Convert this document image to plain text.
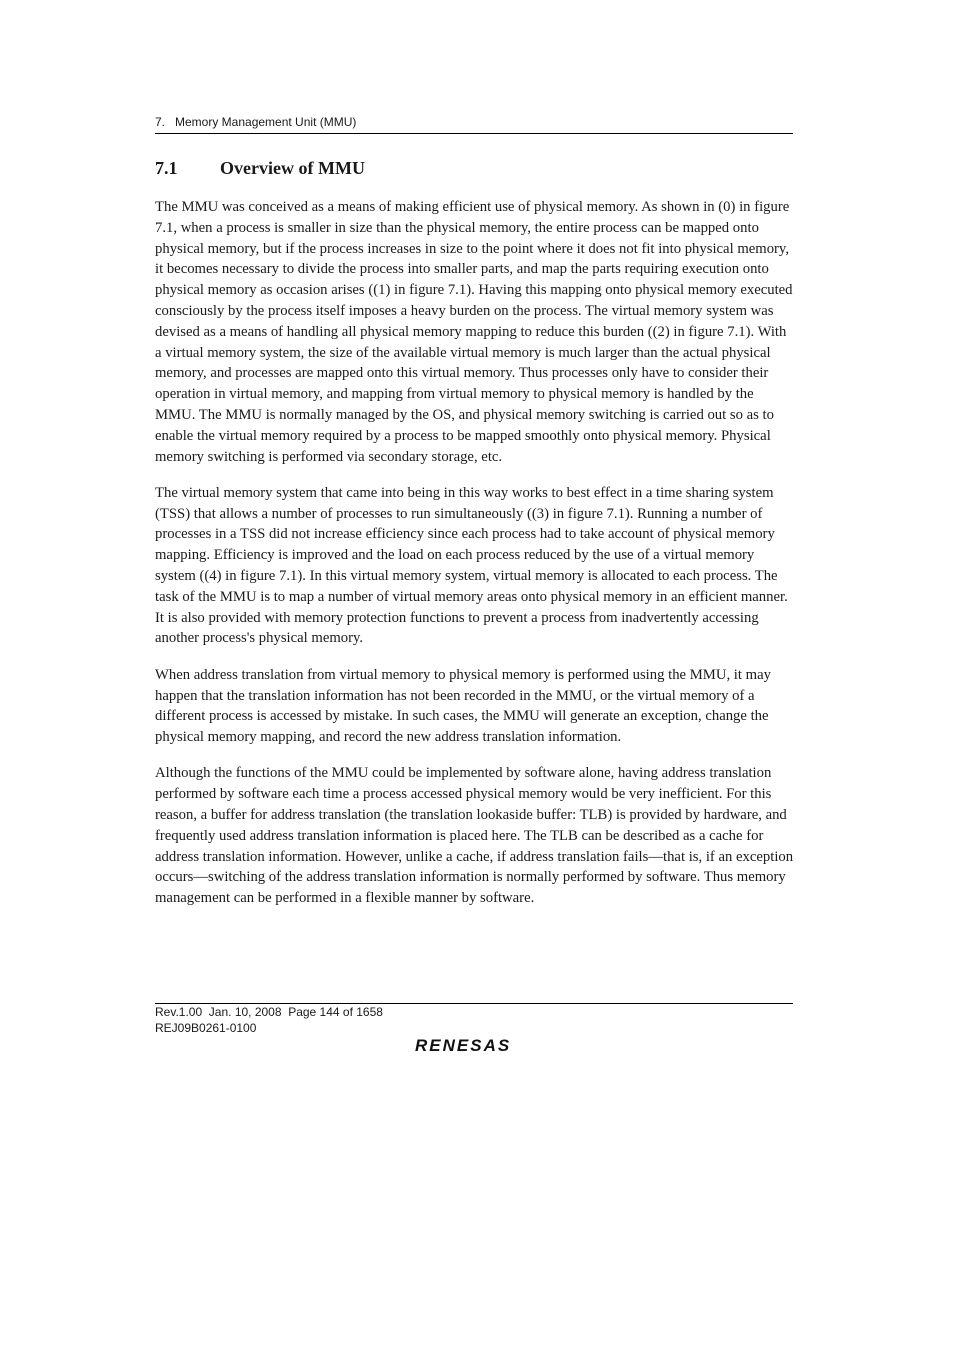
7.   Memory Management Unit (MMU)
7.1 Overview of MMU

The MMU was conceived as a means of making efficient use of physical memory. As shown in (0) in figure 7.1, when a process is smaller in size than the physical memory, the entire process can be mapped onto physical memory, but if the process increases in size to the point where it does not fit into physical memory, it becomes necessary to divide the process into smaller parts, and map the parts requiring execution onto physical memory as occasion arises ((1) in figure 7.1). Having this mapping onto physical memory executed consciously by the process itself imposes a heavy burden on the process. The virtual memory system was devised as a means of handling all physical memory mapping to reduce this burden ((2) in figure 7.1). With a virtual memory system, the size of the available virtual memory is much larger than the actual physical memory, and processes are mapped onto this virtual memory. Thus processes only have to consider their operation in virtual memory, and mapping from virtual memory to physical memory is handled by the MMU. The MMU is normally managed by the OS, and physical memory switching is carried out so as to enable the virtual memory required by a process to be mapped smoothly onto physical memory. Physical memory switching is performed via secondary storage, etc.

The virtual memory system that came into being in this way works to best effect in a time sharing system (TSS) that allows a number of processes to run simultaneously ((3) in figure 7.1). Running a number of processes in a TSS did not increase efficiency since each process had to take account of physical memory mapping. Efficiency is improved and the load on each process reduced by the use of a virtual memory system ((4) in figure 7.1). In this virtual memory system, virtual memory is allocated to each process. The task of the MMU is to map a number of virtual memory areas onto physical memory in an efficient manner. It is also provided with memory protection functions to prevent a process from inadvertently accessing another process's physical memory.

When address translation from virtual memory to physical memory is performed using the MMU, it may happen that the translation information has not been recorded in the MMU, or the virtual memory of a different process is accessed by mistake. In such cases, the MMU will generate an exception, change the physical memory mapping, and record the new address translation information.

Although the functions of the MMU could be implemented by software alone, having address translation performed by software each time a process accessed physical memory would be very inefficient. For this reason, a buffer for address translation (the translation lookaside buffer: TLB) is provided by hardware, and frequently used address translation information is placed here. The TLB can be described as a cache for address translation information. However, unlike a cache, if address translation fails—that is, if an exception occurs—switching of the address translation information is normally performed by software. Thus memory management can be performed in a flexible manner by software.

Rev.1.00  Jan. 10, 2008  Page 144 of 1658
REJ09B0261-0100
RENESAS
